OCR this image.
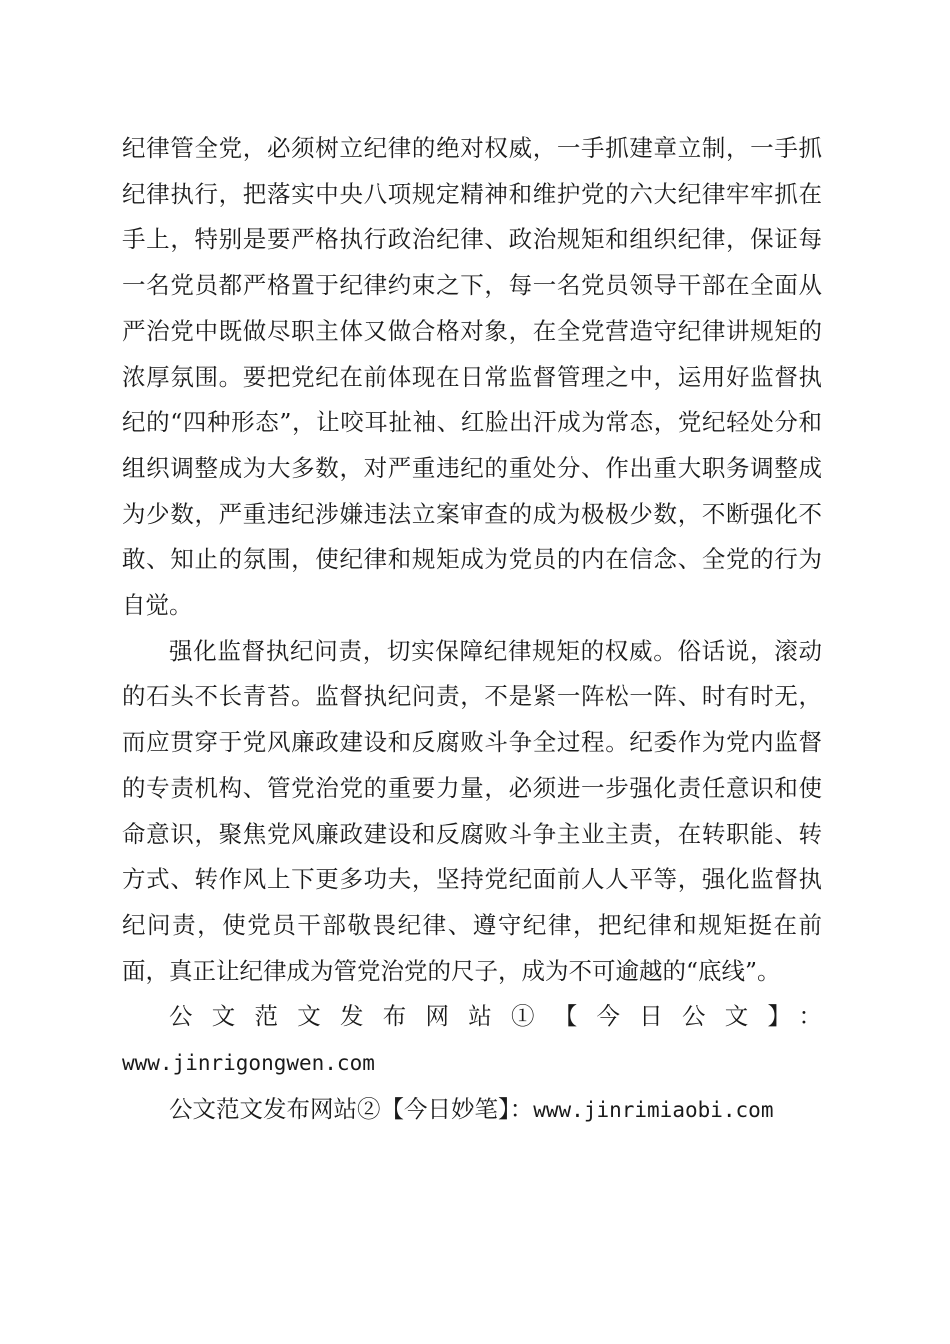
纪律管全党，必须树立纪律的绝对权威，一手抓建章立制，一手抓纪律执行，把落实中央八项规定精神和维护党的六大纪律牢牢抓在手上，特别是要严格执行政治纪律、政治规矩和组织纪律，保证每一名党员都严格置于纪律约束之下，每一名党员领导干部在全面从严治党中既做尽职主体又做合格对象，在全党营造守纪律讲规矩的浓厚氛围。要把党纪在前体现在日常监督管理之中，运用好监督执纪的“四种形态”，让咬耳扯袖、红脸出汗成为常态，党纪轻处分和组织调整成为大多数，对严重违纪的重处分、作出重大职务调整成为少数，严重违纪涉嫌违法立案审查的成为极极少数，不断强化不敢、知止的氛围，使纪律和规矩成为党员的内在信念、全党的行为自觉。

强化监督执纪问责，切实保障纪律规矩的权威。俗话说，滚动的石头不长青苔。监督执纪问责，不是紧一阵松一阵、时有时无，而应贯穿于党风廉政建设和反腐败斗争全过程。纪委作为党内监督的专责机构、管党治党的重要力量，必须进一步强化责任意识和使命意识，聚焦党风廉政建设和反腐败斗争主业主责，在转职能、转方式、转作风上下更多功夫，坚持党纪面前人人平等，强化监督执纪问责，使党员干部敬畏纪律、遵守纪律，把纪律和规矩挺在前面，真正让纪律成为管党治党的尺子，成为不可逾越的“底线”。

公文范文发布网站①【今日公文】：

www.jinrigongwen.com

公文范文发布网站②【今日妙笔】：www.jinrimiaobi.com
